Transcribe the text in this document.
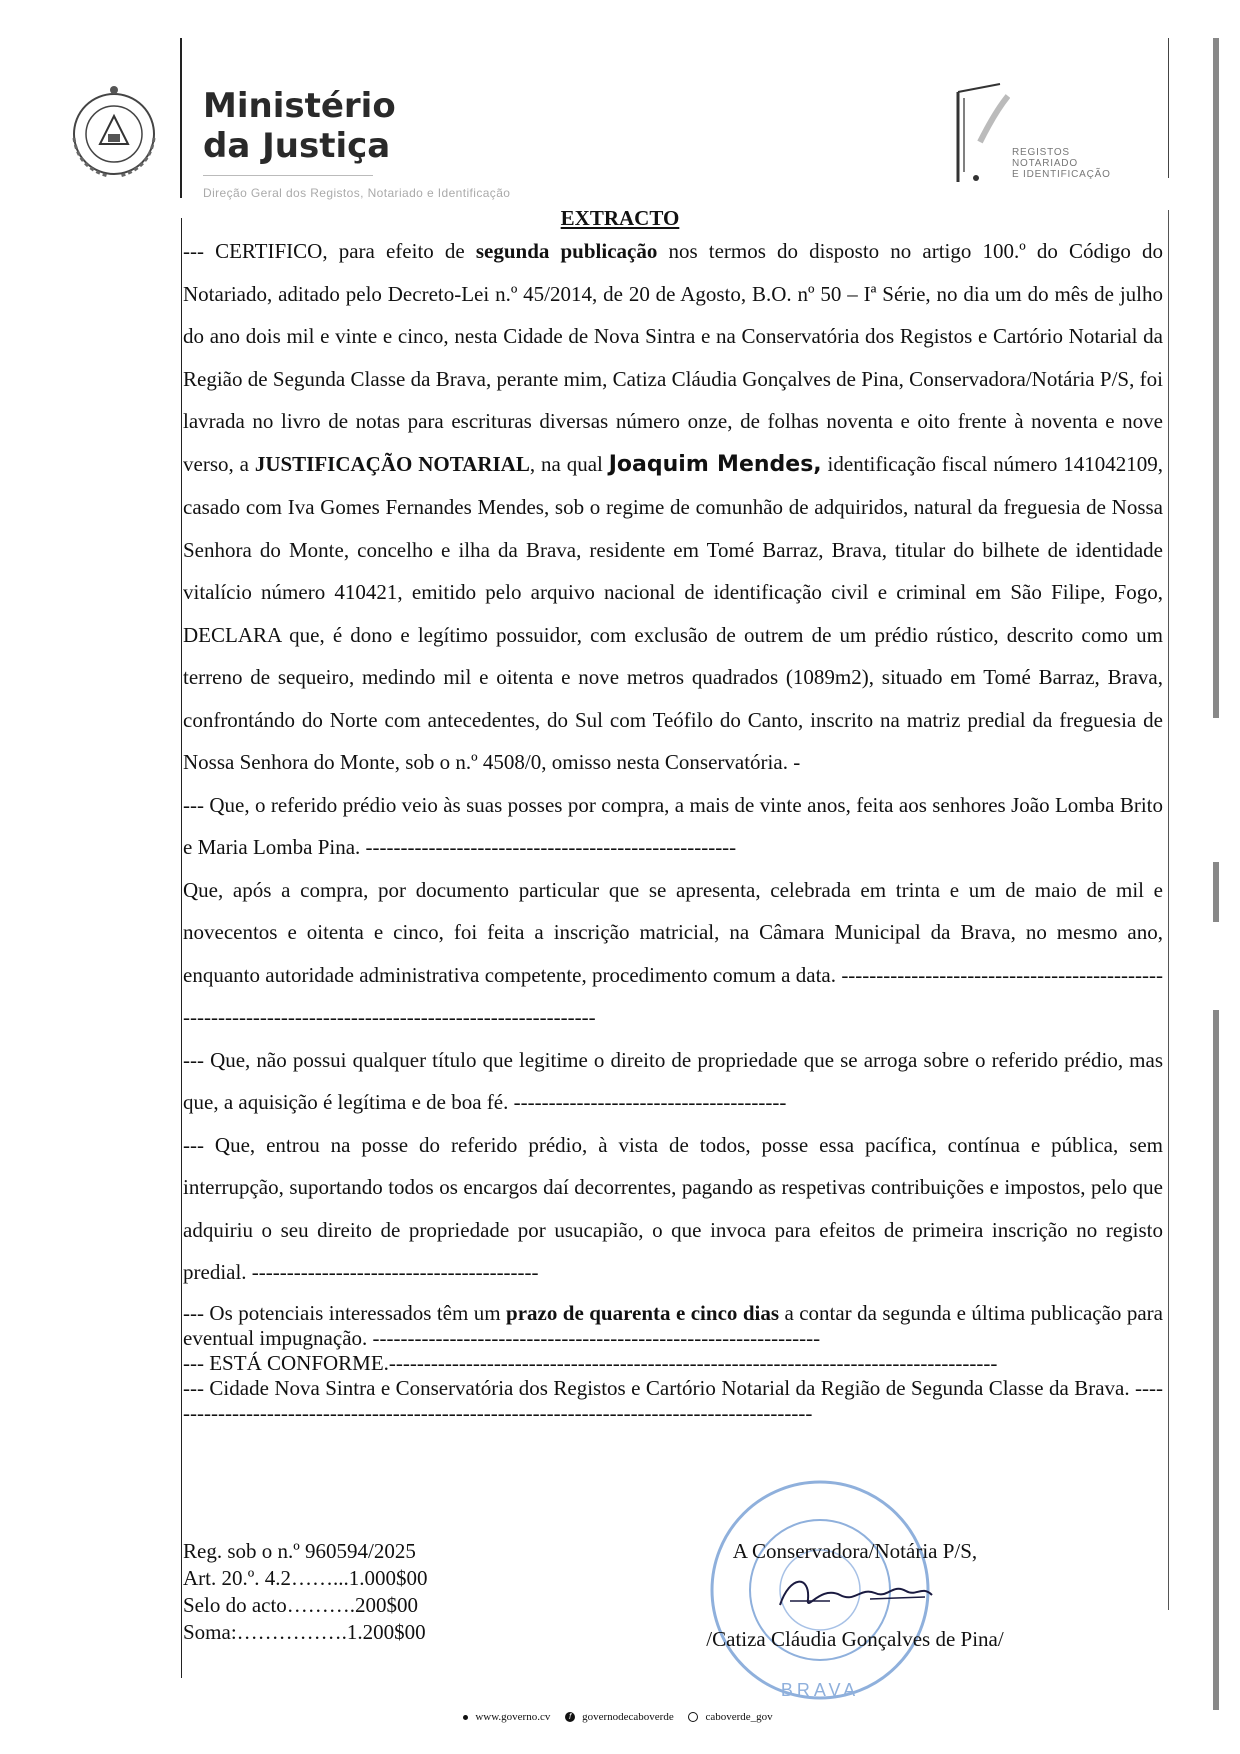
Ministério
da Justiça
Direção Geral dos Registos, Notariado e Identificação
REGISTOS
NOTARIADO
E IDENTIFICAÇÃO
EXTRACTO

--- CERTIFICO, para efeito de segunda publicação nos termos do disposto no artigo 100.º do Código do Notariado, aditado pelo Decreto-Lei n.º 45/2014, de 20 de Agosto, B.O. nº 50 – Iª Série, no dia um do mês de julho do ano dois mil e vinte e cinco, nesta Cidade de Nova Sintra e na Conservatória dos Registos e Cartório Notarial da Região de Segunda Classe da Brava, perante mim, Catiza Cláudia Gonçalves de Pina, Conservadora/Notária P/S, foi lavrada no livro de notas para escrituras diversas número onze, de folhas noventa e oito frente à noventa e nove verso, a JUSTIFICAÇÃO NOTARIAL, na qual Joaquim Mendes, identificação fiscal número 141042109, casado com Iva Gomes Fernandes Mendes, sob o regime de comunhão de adquiridos, natural da freguesia de Nossa Senhora do Monte, concelho e ilha da Brava, residente em Tomé Barraz, Brava, titular do bilhete de identidade vitalício número 410421, emitido pelo arquivo nacional de identificação civil e criminal em São Filipe, Fogo, DECLARA que, é dono e legítimo possuidor, com exclusão de outrem de um prédio rústico, descrito como um terreno de sequeiro, medindo mil e oitenta e nove metros quadrados (1089m2), situado em Tomé Barraz, Brava, confrontándo do Norte com antecedentes, do Sul com Teófilo do Canto, inscrito na matriz predial da freguesia de Nossa Senhora do Monte, sob o n.º 4508/0, omisso nesta Conservatória. -

--- Que, o referido prédio veio às suas posses por compra, a mais de vinte anos, feita aos senhores João Lomba Brito e Maria Lomba Pina. -----------------------------------------------------

Que, após a compra, por documento particular que se apresenta, celebrada em trinta e um de maio de mil e novecentos e oitenta e cinco, foi feita a inscrição matricial, na Câmara Municipal da Brava, no mesmo ano, enquanto autoridade administrativa competente, procedimento comum a data. ---------------------------------------------------------------------------------------------------------

--- Que, não possui qualquer título que legitime o direito de propriedade que se arroga sobre o referido prédio, mas que, a aquisição é legítima e de boa fé. ---------------------------------------

--- Que, entrou na posse do referido prédio, à vista de todos, posse essa pacífica, contínua e pública, sem interrupção, suportando todos os encargos daí decorrentes, pagando as respetivas contribuições e impostos, pelo que adquiriu o seu direito de propriedade por usucapião, o que invoca para efeitos de primeira inscrição no registo predial. -----------------------------------------

--- Os potenciais interessados têm um prazo de quarenta e cinco dias a contar da segunda e última publicação para eventual impugnação. ----------------------------------------------------------------

--- ESTÁ CONFORME.---------------------------------------------------------------------------------------

--- Cidade Nova Sintra e Conservatória dos Registos e Cartório Notarial da Região de Segunda Classe da Brava. ----------------------------------------------------------------------------------------------

Reg. sob o n.º 960594/2025
Art. 20.º. 4.2……...1.000$00
Selo do acto……….200$00
Soma:…………….1.200$00
BRAVA
A Conservadora/Notária P/S,
/Catiza Cláudia Gonçalves de Pina/
www.governo.cv f governodecaboverde	caboverde_gov
